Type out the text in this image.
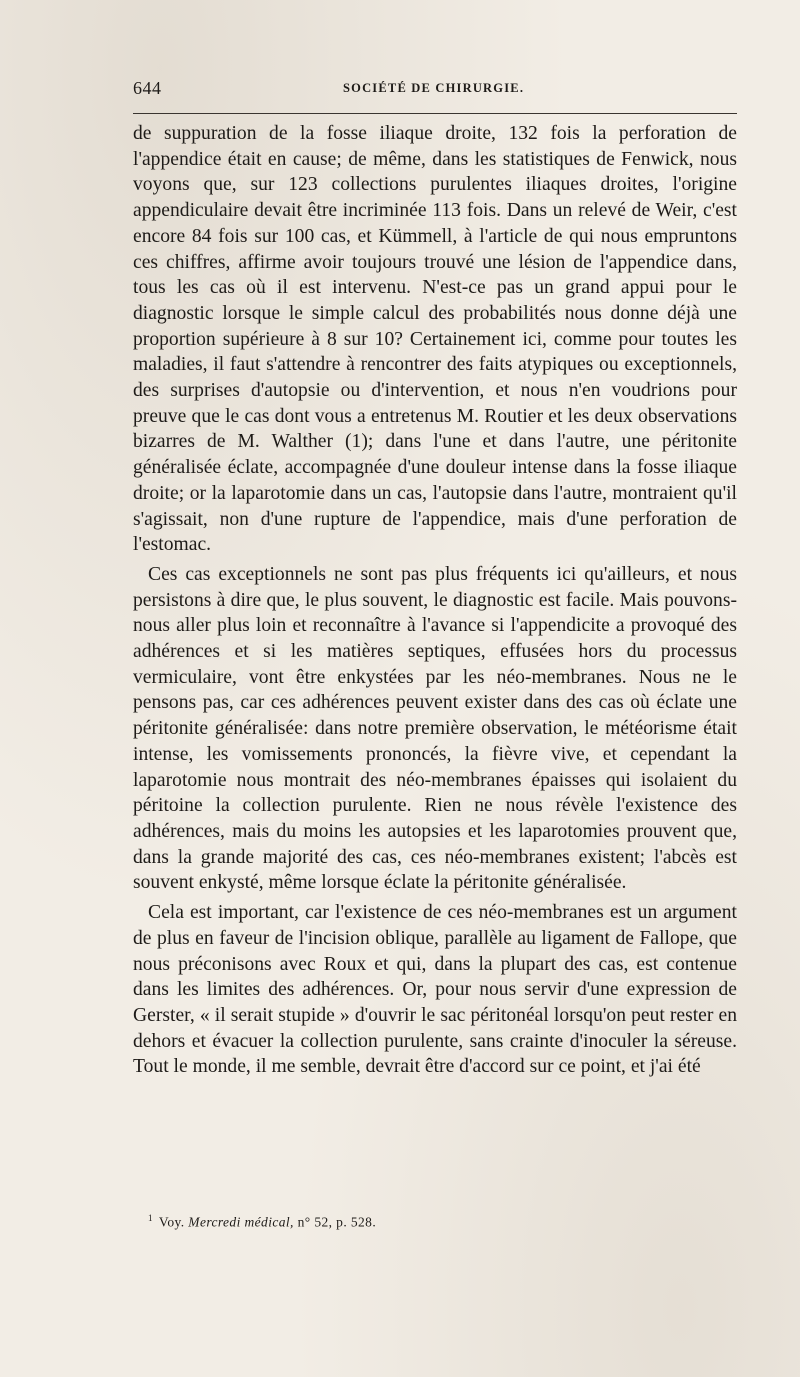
644	SOCIÉTÉ DE CHIRURGIE.

de suppuration de la fosse iliaque droite, 132 fois la perforation de l'appendice était en cause; de même, dans les statistiques de Fenwick, nous voyons que, sur 123 collections purulentes iliaques droites, l'origine appendiculaire devait être incriminée 113 fois. Dans un relevé de Weir, c'est encore 84 fois sur 100 cas, et Kümmell, à l'article de qui nous empruntons ces chiffres, affirme avoir toujours trouvé une lésion de l'appendice dans, tous les cas où il est intervenu. N'est-ce pas un grand appui pour le diagnostic lorsque le simple calcul des probabilités nous donne déjà une proportion supérieure à 8 sur 10? Certainement ici, comme pour toutes les maladies, il faut s'attendre à rencontrer des faits atypiques ou exceptionnels, des surprises d'autopsie ou d'intervention, et nous n'en voudrions pour preuve que le cas dont vous a entretenus M. Routier et les deux observations bizarres de M. Walther (1); dans l'une et dans l'autre, une péritonite généralisée éclate, accompagnée d'une douleur intense dans la fosse iliaque droite; or la laparotomie dans un cas, l'autopsie dans l'autre, montraient qu'il s'agissait, non d'une rupture de l'appendice, mais d'une perforation de l'estomac.

Ces cas exceptionnels ne sont pas plus fréquents ici qu'ailleurs, et nous persistons à dire que, le plus souvent, le diagnostic est facile. Mais pouvons-nous aller plus loin et reconnaître à l'avance si l'appendicite a provoqué des adhérences et si les matières septiques, effusées hors du processus vermiculaire, vont être enkystées par les néo-membranes. Nous ne le pensons pas, car ces adhérences peuvent exister dans des cas où éclate une péritonite généralisée: dans notre première observation, le météorisme était intense, les vomissements prononcés, la fièvre vive, et cependant la laparotomie nous montrait des néo-membranes épaisses qui isolaient du péritoine la collection purulente. Rien ne nous révèle l'existence des adhérences, mais du moins les autopsies et les laparotomies prouvent que, dans la grande majorité des cas, ces néo-membranes existent; l'abcès est souvent enkysté, même lorsque éclate la péritonite généralisée.

Cela est important, car l'existence de ces néo-membranes est un argument de plus en faveur de l'incision oblique, parallèle au ligament de Fallope, que nous préconisons avec Roux et qui, dans la plupart des cas, est contenue dans les limites des adhérences. Or, pour nous servir d'une expression de Gerster, « il serait stupide » d'ouvrir le sac péritonéal lorsqu'on peut rester en dehors et évacuer la collection purulente, sans crainte d'inoculer la séreuse. Tout le monde, il me semble, devrait être d'accord sur ce point, et j'ai été

$^1$ Voy. Mercredi médical, n° 52, p. 528.
